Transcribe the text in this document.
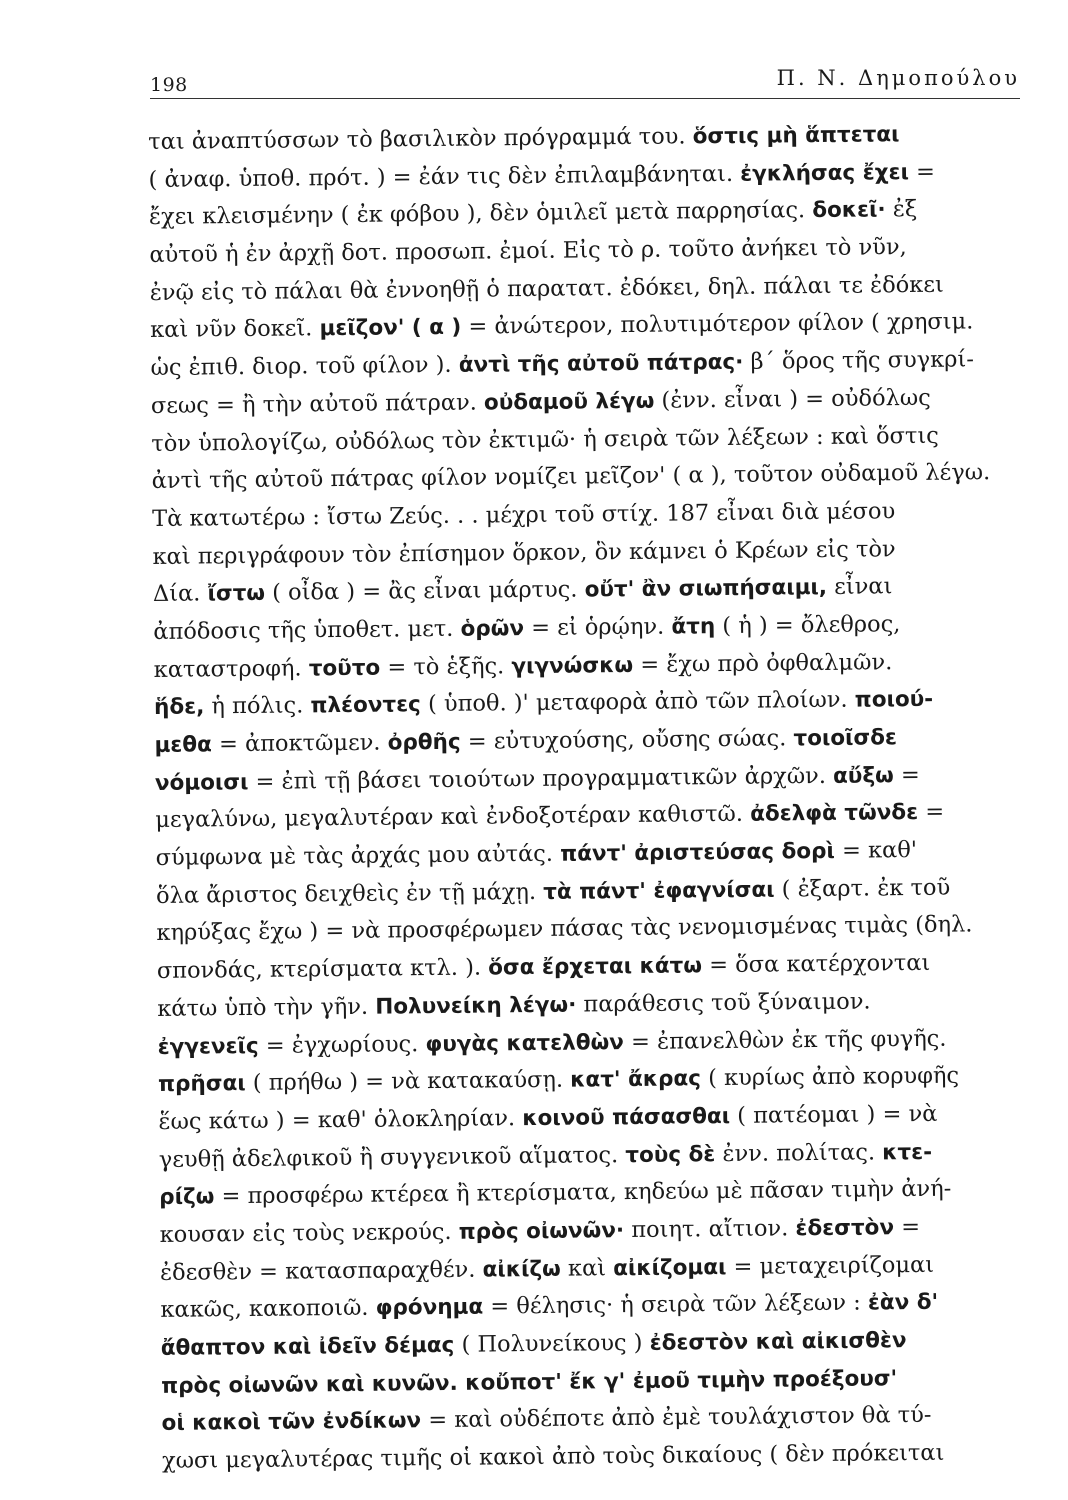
198	Π. Ν. Δημοπούλου
ται ἀναπτύσσων τὸ βασιλικὸν πρόγραμμά του. ὅστις μὴ ἅπτεται
( ἀναφ. ὑποθ. πρότ. ) = ἐάν τις δὲν ἐπιλαμβάνηται. ἐγκλήσας ἔχει =
ἔχει κλεισμένην ( ἐκ φόβου ), δὲν ὁμιλεῖ μετὰ παρρησίας. δοκεῖ· ἐξ
αὐτοῦ ἡ ἐν ἀρχῇ δοτ. προσωπ. ἐμοί. Εἰς τὸ ρ. τοῦτο ἀνήκει τὸ νῦν,
ἐνῷ εἰς τὸ πάλαι θὰ ἐννοηθῇ ὁ παρατατ. ἐδόκει, δηλ. πάλαι τε ἐδόκει
καὶ νῦν δοκεῖ. μεῖζον' ( α ) = ἀνώτερον, πολυτιμότερον φίλον ( χρησιμ.
ὡς ἐπιθ. διορ. τοῦ φίλον ). ἀντὶ τῆς αὐτοῦ πάτρας· β΄ ὅρος τῆς συγκρί-
σεως = ἢ τὴν αὐτοῦ πάτραν. οὐδαμοῦ λέγω (ἐνν. εἶναι ) = οὐδόλως
τὸν ὑπολογίζω, οὐδόλως τὸν ἐκτιμῶ· ἡ σειρὰ τῶν λέξεων : καὶ ὅστις
ἀντὶ τῆς αὐτοῦ πάτρας φίλον νομίζει μεῖζον' ( α ), τοῦτον οὐδαμοῦ λέγω.
Τὰ κατωτέρω : ἴστω Ζεύς. . . μέχρι τοῦ στίχ. 187 εἶναι διὰ μέσου
καὶ περιγράφουν τὸν ἐπίσημον ὅρκον, ὃν κάμνει ὁ Κρέων εἰς τὸν
Δία. ἴστω ( οἶδα ) = ἂς εἶναι μάρτυς. οὔτ' ἂν σιωπήσαιμι, εἶναι
ἀπόδοσις τῆς ὑποθετ. μετ. ὁρῶν = εἰ ὁρῴην. ἄτη ( ἡ ) = ὄλεθρος,
καταστροφή. τοῦτο = τὸ ἑξῆς. γιγνώσκω = ἔχω πρὸ ὀφθαλμῶν.
ἥδε, ἡ πόλις. πλέοντες ( ὑποθ. )' μεταφορὰ ἀπὸ τῶν πλοίων. ποιού-
μεθα = ἀποκτῶμεν. ὀρθῆς = εὐτυχούσης, οὔσης σώας. τοιοῖσδε
νόμοισι = ἐπὶ τῇ βάσει τοιούτων προγραμματικῶν ἀρχῶν. αὔξω =
μεγαλύνω, μεγαλυτέραν καὶ ἐνδοξοτέραν καθιστῶ. ἀδελφὰ τῶνδε =
σύμφωνα μὲ τὰς ἀρχάς μου αὐτάς. πάντ' ἀριστεύσας δορὶ = καθ'
ὅλα ἄριστος δειχθεὶς ἐν τῇ μάχῃ. τὰ πάντ' ἐφαγνίσαι ( ἐξαρτ. ἐκ τοῦ
κηρύξας ἔχω ) = νὰ προσφέρωμεν πάσας τὰς νενομισμένας τιμὰς (δηλ.
σπονδάς, κτερίσματα κτλ. ). ὅσα ἔρχεται κάτω = ὅσα κατέρχονται
κάτω ὑπὸ τὴν γῆν. Πολυνείκη λέγω· παράθεσις τοῦ ξύναιμον.
ἐγγενεῖς = ἐγχωρίους. φυγὰς κατελθὼν = ἐπανελθὼν ἐκ τῆς φυγῆς.
πρῆσαι ( πρήθω ) = νὰ κατακαύσῃ. κατ' ἄκρας ( κυρίως ἀπὸ κορυφῆς
ἕως κάτω ) = καθ' ὁλοκληρίαν. κοινοῦ πάσασθαι ( πατέομαι ) = νὰ
γευθῇ ἀδελφικοῦ ἢ συγγενικοῦ αἵματος. τοὺς δὲ ἐνν. πολίτας. κτε-
ρίζω = προσφέρω κτέρεα ἢ κτερίσματα, κηδεύω μὲ πᾶσαν τιμὴν ἀνή-
κουσαν εἰς τοὺς νεκρούς. πρὸς οἰωνῶν· ποιητ. αἴτιον. ἐδεστὸν =
ἐδεσθὲν = κατασπαραχθέν. αἰκίζω καὶ αἰκίζομαι = μεταχειρίζομαι
κακῶς, κακοποιῶ. φρόνημα = θέλησις· ἡ σειρὰ τῶν λέξεων : ἐὰν δ'
ἄθαπτον καὶ ἰδεῖν δέμας ( Πολυνείκους ) ἐδεστὸν καὶ αἰκισθὲν
πρὸς οἰωνῶν καὶ κυνῶν. κοὔποτ' ἔκ γ' ἐμοῦ τιμὴν προέξουσ'
οἱ κακοὶ τῶν ἐνδίκων = καὶ οὐδέποτε ἀπὸ ἐμὲ τουλάχιστον θὰ τύ-
χωσι μεγαλυτέρας τιμῆς οἱ κακοὶ ἀπὸ τοὺς δικαίους ( δὲν πρόκειται
